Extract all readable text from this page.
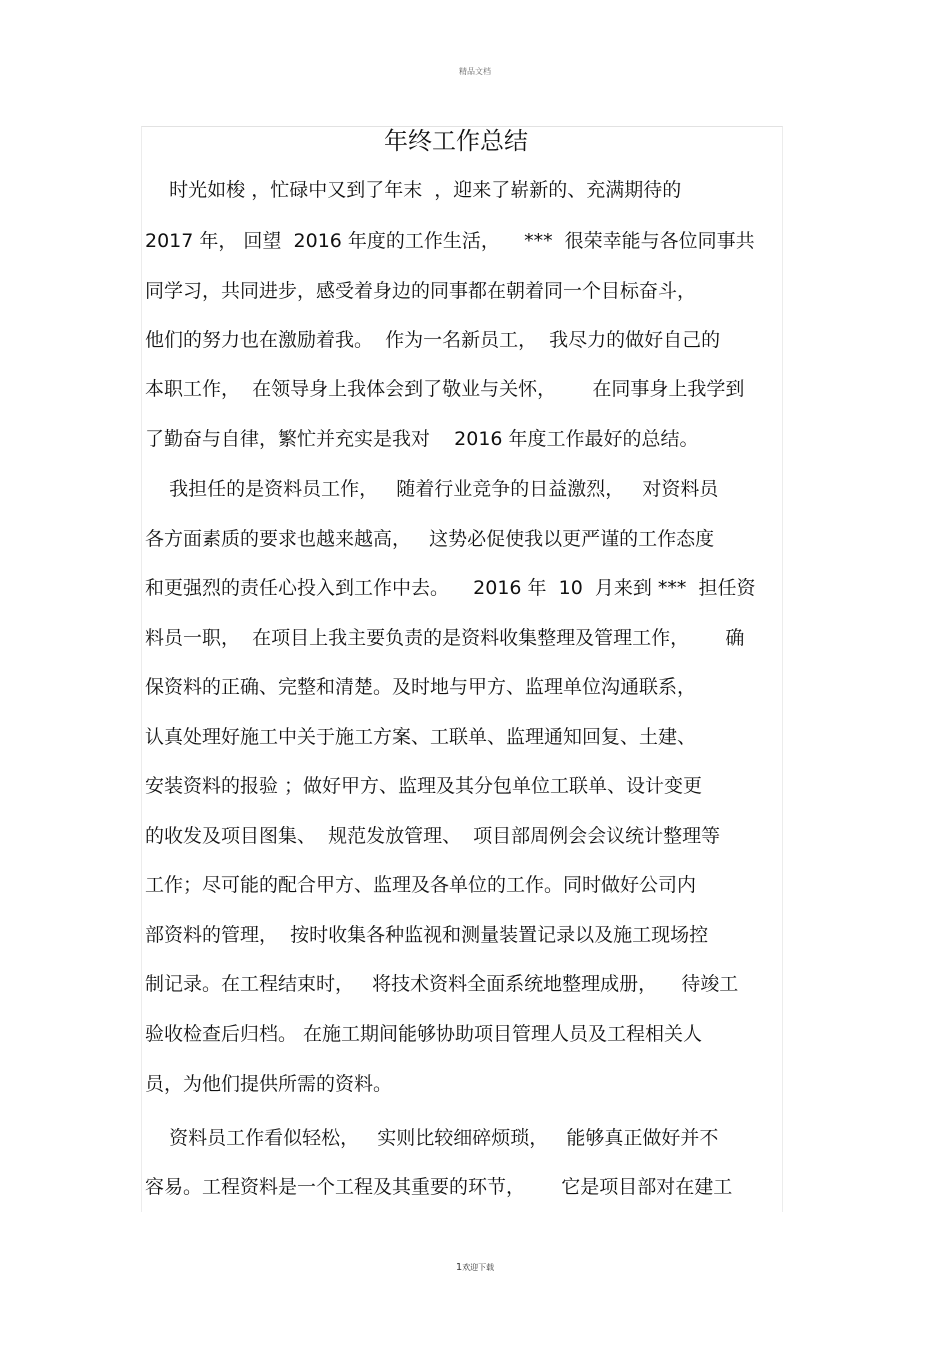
精品文档
年终工作总结
时光如梭 ，忙碌中又到了年末  ，迎来了崭新的、充满期待的
2017 年， 回望  2016 年度的工作生活，    ***  很荣幸能与各位同事共
同学习，共同进步，感受着身边的同事都在朝着同一个目标奋斗，
他们的努力也在激励着我。  作为一名新员工，  我尽力的做好自己的
本职工作，  在领导身上我体会到了敬业与关怀，      在同事身上我学到
了勤奋与自律，繁忙并充实是我对    2016 年度工作最好的总结。
我担任的是资料员工作，   随着行业竞争的日益激烈，   对资料员
各方面素质的要求也越来越高，   这势必促使我以更严谨的工作态度
和更强烈的责任心投入到工作中去。    2016 年  10  月来到 ***  担任资
料员一职，  在项目上我主要负责的是资料收集整理及管理工作，      确
保资料的正确、完整和清楚。及时地与甲方、监理单位沟通联系，
认真处理好施工中关于施工方案、工联单、监理通知回复、土建、
安装资料的报验 ；做好甲方、监理及其分包单位工联单、设计变更
的收发及项目图集、  规范发放管理、  项目部周例会会议统计整理等
工作；尽可能的配合甲方、监理及各单位的工作。同时做好公司内
部资料的管理，  按时收集各种监视和测量装置记录以及施工现场控
制记录。在工程结束时，   将技术资料全面系统地整理成册，    待竣工
验收检查后归档。 在施工期间能够协助项目管理人员及工程相关人
员，为他们提供所需的资料。
资料员工作看似轻松，   实则比较细碎烦琐，   能够真正做好并不
容易。工程资料是一个工程及其重要的环节，      它是项目部对在建工
1欢迎下载
